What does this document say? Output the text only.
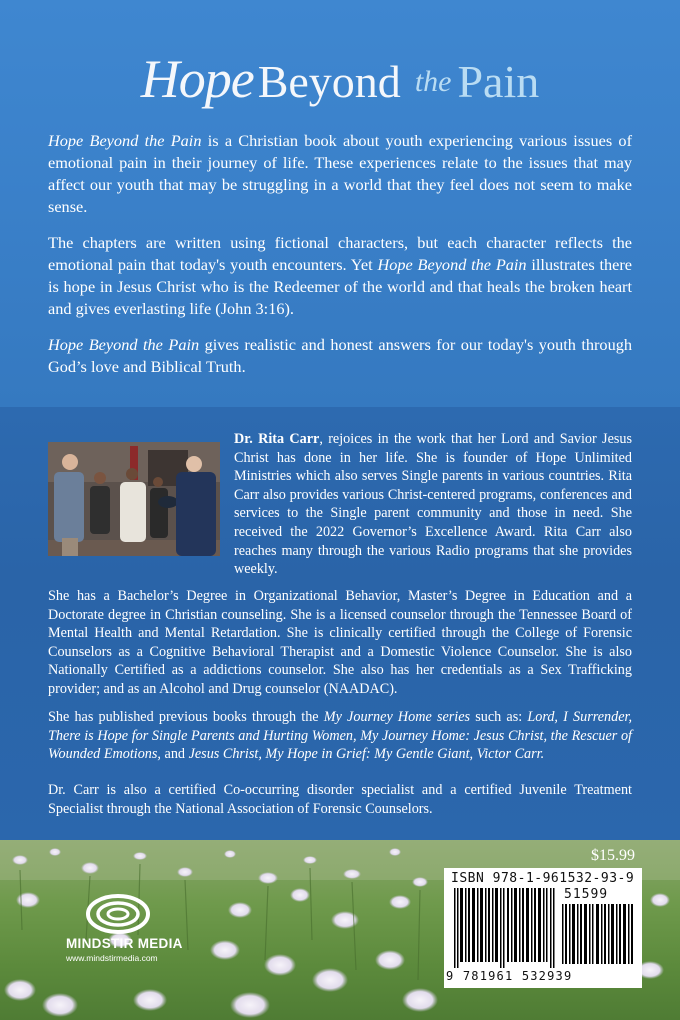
HopeBeyond the Pain

Hope Beyond the Pain is a Christian book about youth experiencing various issues of emotional pain in their journey of life. These experiences relate to the issues that may affect our youth that may be struggling in a world that they feel does not seem to make sense.

The chapters are written using fictional characters, but each character reflects the emotional pain that today's youth encounters. Yet Hope Beyond the Pain illustrates there is hope in Jesus Christ who is the Redeemer of the world and that heals the broken heart and gives everlasting life (John 3:16).

Hope Beyond the Pain gives realistic and honest answers for our today's youth through God’s love and Biblical Truth.

Dr. Rita Carr, rejoices in the work that her Lord and Savior Jesus Christ has done in her life. She is founder of Hope Unlimited Ministries which also serves Single parents in various countries. Rita Carr also provides various Christ-centered programs, conferences and services to the Single parent community and those in need. She received the 2022 Governor’s Excellence Award. Rita Carr also reaches many through the various Radio programs that she provides weekly.

She has a Bachelor’s Degree in Organizational Behavior, Master’s Degree in Education and a Doctorate degree in Christian counseling. She is a licensed counselor through the Tennessee Board of Mental Health and Mental Retardation. She is clinically certified through the College of Forensic Counselors as a Cognitive Behavioral Therapist and a Domestic Violence Counselor. She is also Nationally Certified as a addictions counselor. She also has her credentials as a Sex Trafficking provider; and as an Alcohol and Drug counselor (NAADAC).

She has published previous books through the My Journey Home series such as: Lord, I Surrender, There is Hope for Single Parents and Hurting Women, My Journey Home: Jesus Christ, the Rescuer of Wounded Emotions, and Jesus Christ, My Hope in Grief: My Gentle Giant, Victor Carr.

Dr. Carr is also a certified Co-occurring disorder specialist and a certified Juvenile Treatment Specialist through the National Association of Forensic Counselors.

MINDSTIR MEDIA
www.mindstirmedia.com
$15.99
ISBN 978-1-961532-93-9
51599
9 781961 532939
